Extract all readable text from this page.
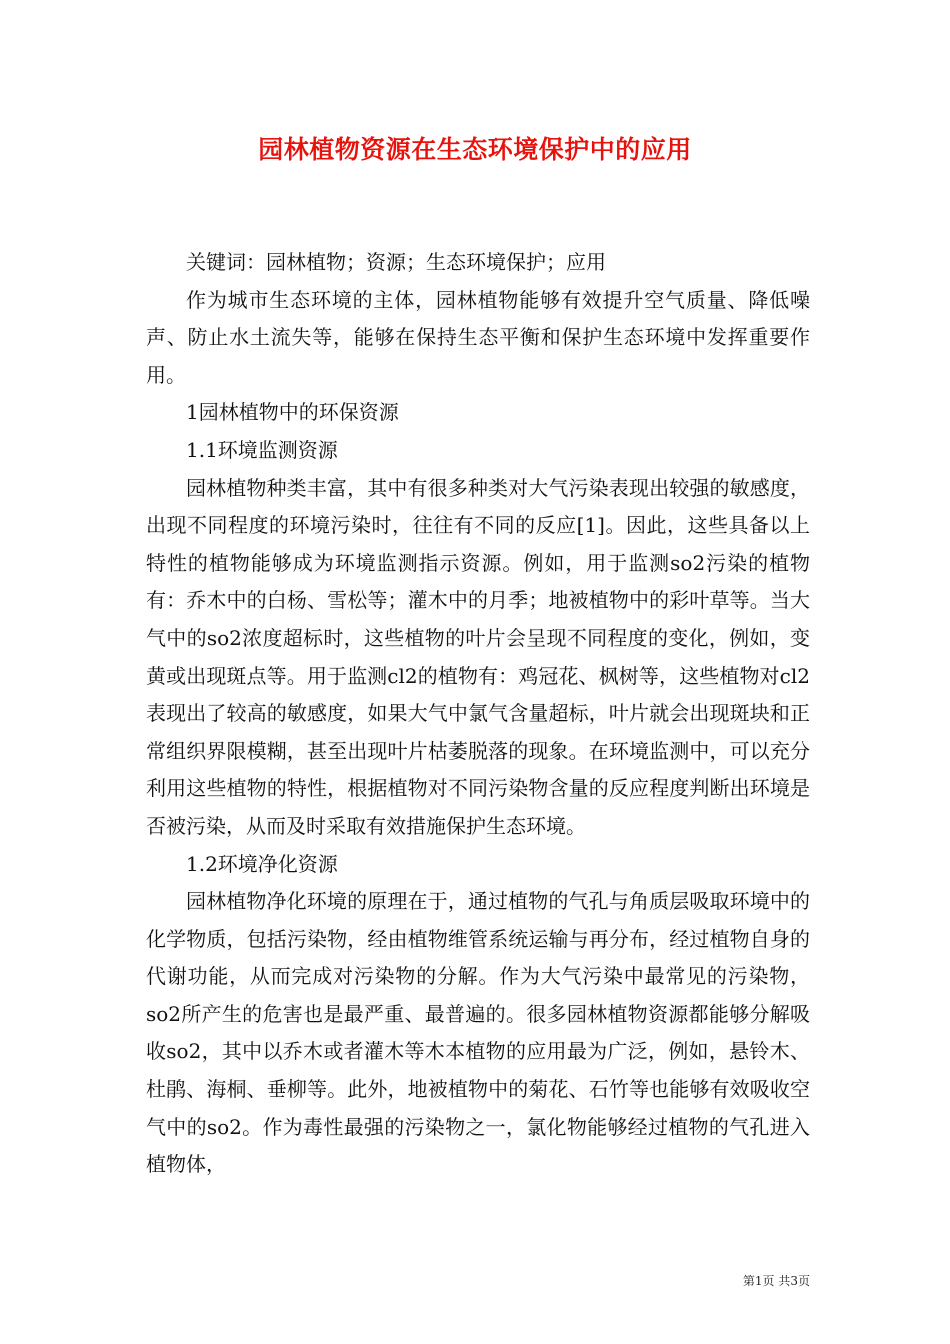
园林植物资源在生态环境保护中的应用

关键词：园林植物；资源；生态环境保护；应用

作为城市生态环境的主体，园林植物能够有效提升空气质量、降低噪声、防止水土流失等，能够在保持生态平衡和保护生态环境中发挥重要作用。

1园林植物中的环保资源

1.1环境监测资源

园林植物种类丰富，其中有很多种类对大气污染表现出较强的敏感度，出现不同程度的环境污染时，往往有不同的反应[1]。因此，这些具备以上特性的植物能够成为环境监测指示资源。例如，用于监测so2污染的植物有：乔木中的白杨、雪松等；灌木中的月季；地被植物中的彩叶草等。当大气中的so2浓度超标时，这些植物的叶片会呈现不同程度的变化，例如，变黄或出现斑点等。用于监测cl2的植物有：鸡冠花、枫树等，这些植物对cl2表现出了较高的敏感度，如果大气中氯气含量超标，叶片就会出现斑块和正常组织界限模糊，甚至出现叶片枯萎脱落的现象。在环境监测中，可以充分利用这些植物的特性，根据植物对不同污染物含量的反应程度判断出环境是否被污染，从而及时采取有效措施保护生态环境。

1.2环境净化资源

园林植物净化环境的原理在于，通过植物的气孔与角质层吸取环境中的化学物质，包括污染物，经由植物维管系统运输与再分布，经过植物自身的代谢功能，从而完成对污染物的分解。作为大气污染中最常见的污染物，so2所产生的危害也是最严重、最普遍的。很多园林植物资源都能够分解吸收so2，其中以乔木或者灌木等木本植物的应用最为广泛，例如，悬铃木、杜鹃、海桐、垂柳等。此外，地被植物中的菊花、石竹等也能够有效吸收空气中的so2。作为毒性最强的污染物之一，氯化物能够经过植物的气孔进入植物体，

第1页 共3页
